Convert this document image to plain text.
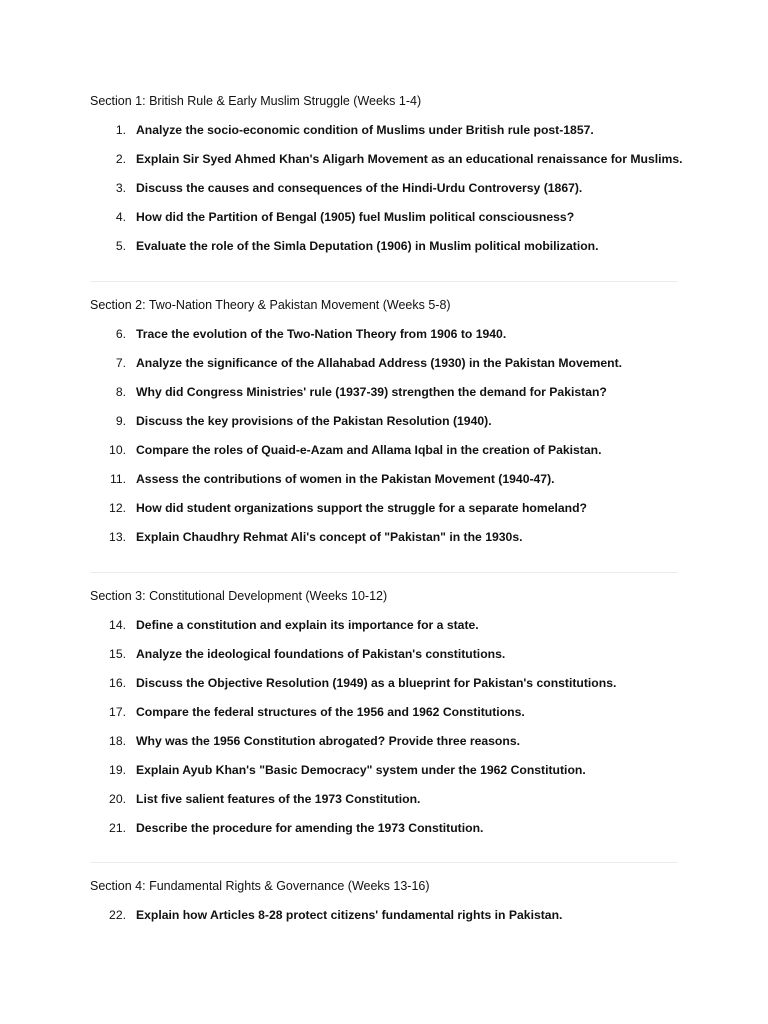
Section 1: British Rule & Early Muslim Struggle (Weeks 1-4)
1. Analyze the socio-economic condition of Muslims under British rule post-1857.
2. Explain Sir Syed Ahmed Khan's Aligarh Movement as an educational renaissance for Muslims.
3. Discuss the causes and consequences of the Hindi-Urdu Controversy (1867).
4. How did the Partition of Bengal (1905) fuel Muslim political consciousness?
5. Evaluate the role of the Simla Deputation (1906) in Muslim political mobilization.
Section 2: Two-Nation Theory & Pakistan Movement (Weeks 5-8)
6. Trace the evolution of the Two-Nation Theory from 1906 to 1940.
7. Analyze the significance of the Allahabad Address (1930) in the Pakistan Movement.
8. Why did Congress Ministries' rule (1937-39) strengthen the demand for Pakistan?
9. Discuss the key provisions of the Pakistan Resolution (1940).
10. Compare the roles of Quaid-e-Azam and Allama Iqbal in the creation of Pakistan.
11. Assess the contributions of women in the Pakistan Movement (1940-47).
12. How did student organizations support the struggle for a separate homeland?
13. Explain Chaudhry Rehmat Ali's concept of "Pakistan" in the 1930s.
Section 3: Constitutional Development (Weeks 10-12)
14. Define a constitution and explain its importance for a state.
15. Analyze the ideological foundations of Pakistan's constitutions.
16. Discuss the Objective Resolution (1949) as a blueprint for Pakistan's constitutions.
17. Compare the federal structures of the 1956 and 1962 Constitutions.
18. Why was the 1956 Constitution abrogated? Provide three reasons.
19. Explain Ayub Khan's "Basic Democracy" system under the 1962 Constitution.
20. List five salient features of the 1973 Constitution.
21. Describe the procedure for amending the 1973 Constitution.
Section 4: Fundamental Rights & Governance (Weeks 13-16)
22. Explain how Articles 8-28 protect citizens' fundamental rights in Pakistan.
